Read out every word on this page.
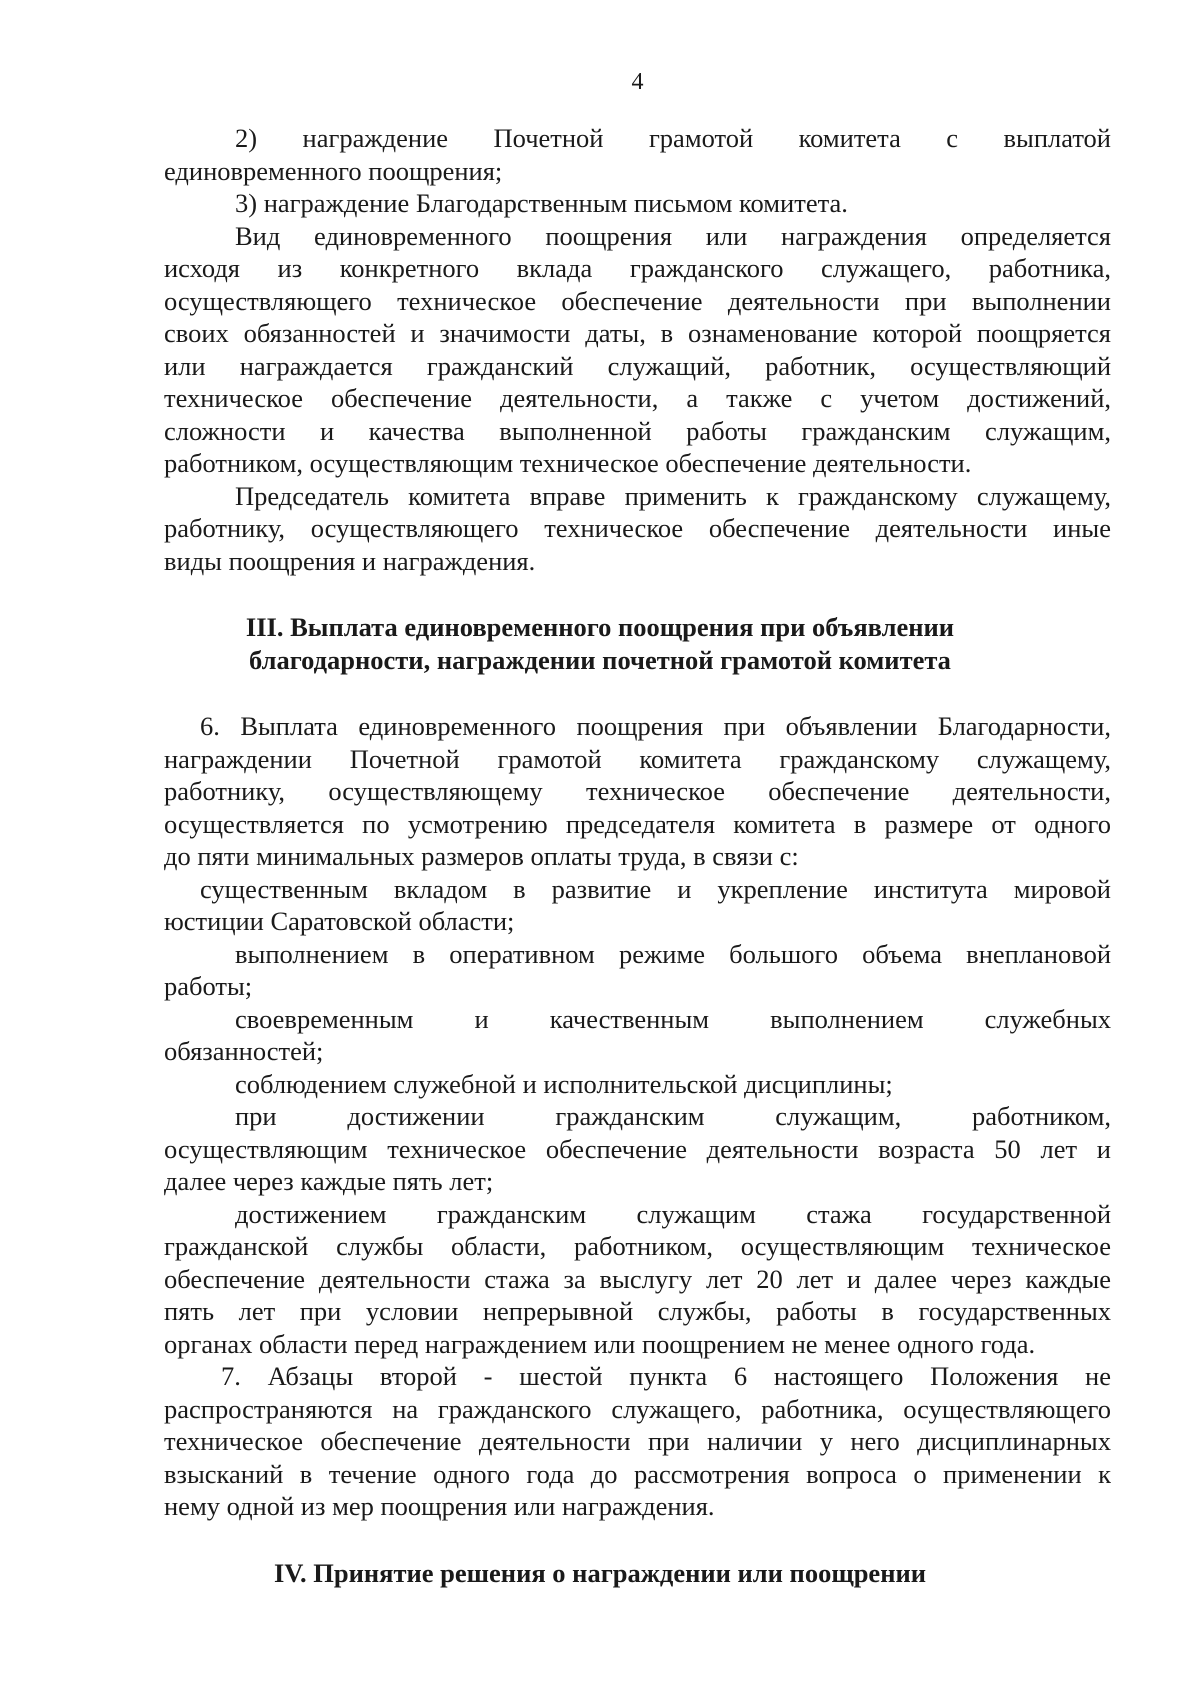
4
2) награждение Почетной грамотой комитета с выплатой
единовременного поощрения;
3) награждение Благодарственным письмом комитета.
Вид единовременного поощрения или награждения определяется
исходя из конкретного вклада гражданского служащего, работника,
осуществляющего техническое обеспечение деятельности при выполнении
своих обязанностей и значимости даты, в ознаменование которой поощряется
или награждается гражданский служащий, работник, осуществляющий
техническое обеспечение деятельности, а также с учетом достижений,
сложности и качества выполненной работы гражданским служащим,
работником, осуществляющим техническое обеспечение деятельности.
Председатель комитета вправе применить к гражданскому служащему,
работнику, осуществляющего техническое обеспечение деятельности иные
виды поощрения и награждения.
III. Выплата единовременного поощрения при объявлении
благодарности, награждении почетной грамотой комитета
6. Выплата единовременного поощрения при объявлении Благодарности,
награждении Почетной грамотой комитета гражданскому служащему,
работнику, осуществляющему техническое обеспечение деятельности,
осуществляется по усмотрению председателя комитета в размере от одного
до пяти минимальных размеров оплаты труда, в связи с:
существенным вкладом в развитие и укрепление института мировой
юстиции Саратовской области;
выполнением в оперативном режиме большого объема внеплановой
работы;
своевременным и качественным выполнением служебных
обязанностей;
соблюдением служебной и исполнительской дисциплины;
при достижении гражданским служащим, работником,
осуществляющим техническое обеспечение деятельности возраста 50 лет и
далее через каждые пять лет;
достижением гражданским служащим стажа государственной
гражданской службы области, работником, осуществляющим техническое
обеспечение деятельности стажа за выслугу лет 20 лет и далее через каждые
пять лет при условии непрерывной службы, работы в государственных
органах области перед награждением или поощрением не менее одного года.
7. Абзацы второй - шестой пункта 6 настоящего Положения не
распространяются на гражданского служащего, работника, осуществляющего
техническое обеспечение деятельности при наличии у него дисциплинарных
взысканий в течение одного года до рассмотрения вопроса о применении к
нему одной из мер поощрения или награждения.
IV. Принятие решения о награждении или поощрении
